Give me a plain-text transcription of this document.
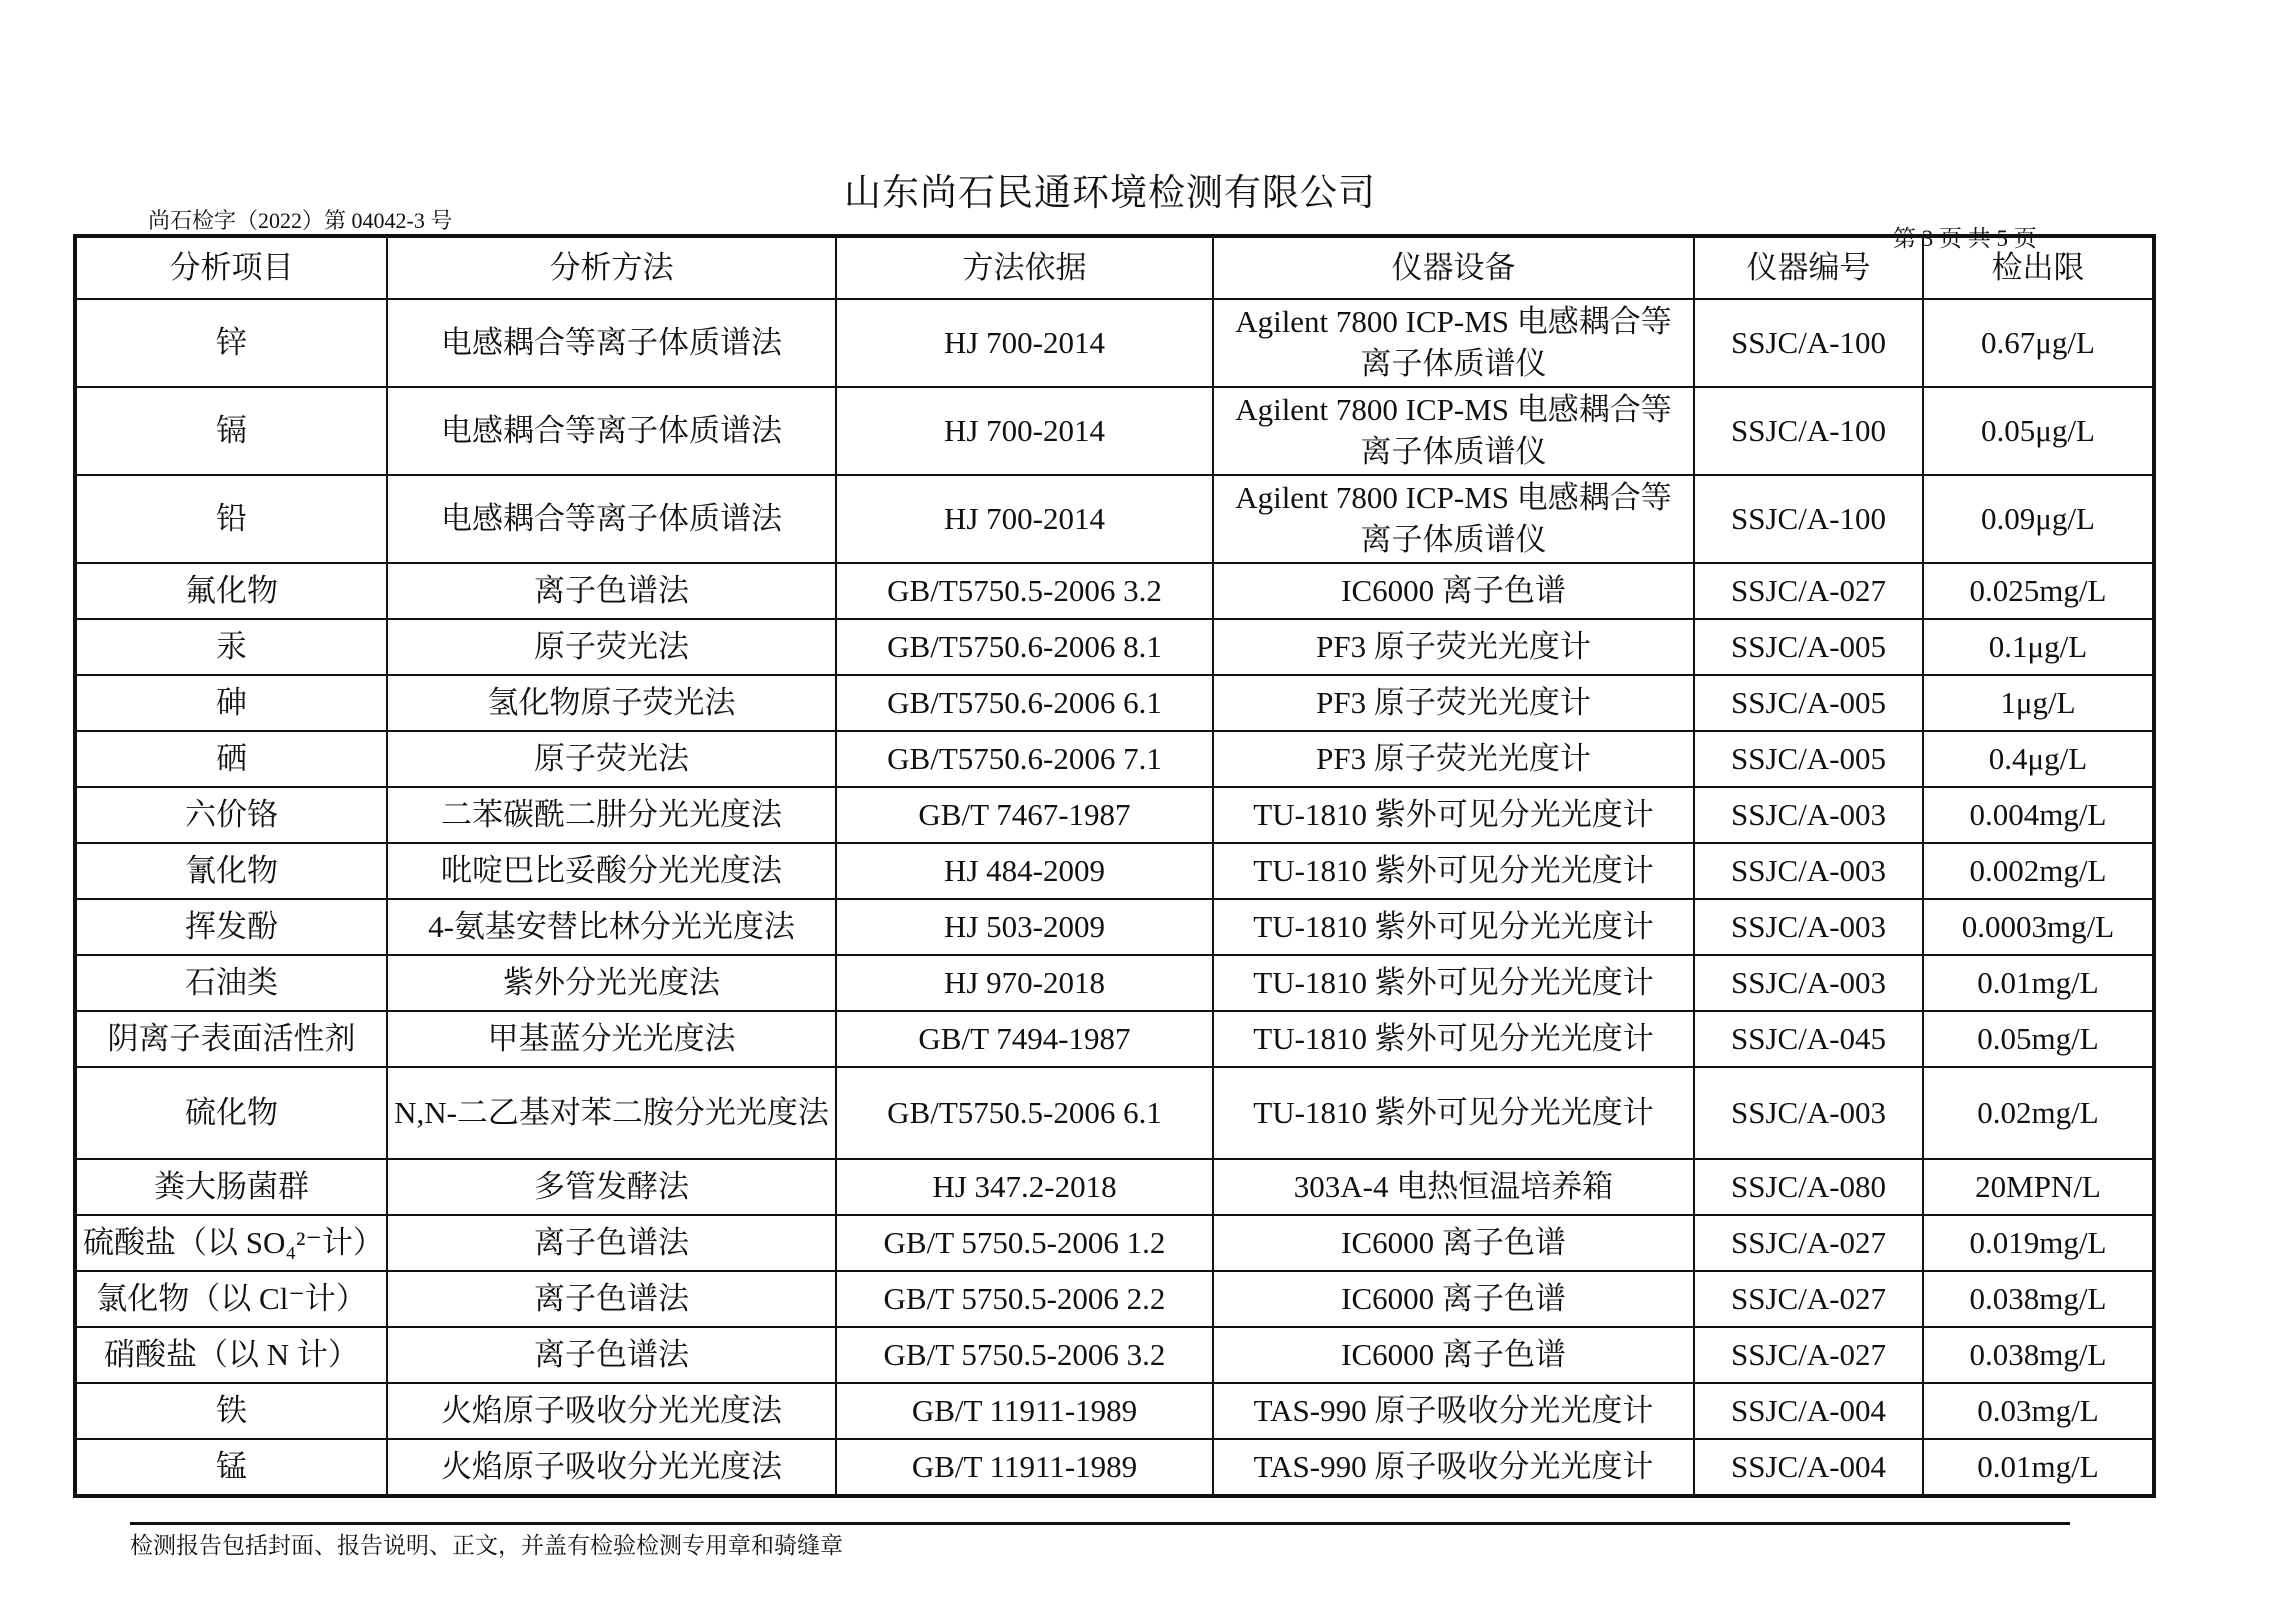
山东尚石民通环境检测有限公司
尚石检字（2022）第 04042-3 号
第 3 页 共 5 页
分析项目	分析方法	方法依据	仪器设备	仪器编号	检出限
锌	电感耦合等离子体质谱法	HJ 700-2014	Agilent 7800 ICP-MS 电感耦合等离子体质谱仪	SSJC/A-100	0.67μg/L
镉	电感耦合等离子体质谱法	HJ 700-2014	Agilent 7800 ICP-MS 电感耦合等离子体质谱仪	SSJC/A-100	0.05μg/L
铅	电感耦合等离子体质谱法	HJ 700-2014	Agilent 7800 ICP-MS 电感耦合等离子体质谱仪	SSJC/A-100	0.09μg/L
氟化物	离子色谱法	GB/T5750.5-2006 3.2	IC6000 离子色谱	SSJC/A-027	0.025mg/L
汞	原子荧光法	GB/T5750.6-2006 8.1	PF3 原子荧光光度计	SSJC/A-005	0.1μg/L
砷	氢化物原子荧光法	GB/T5750.6-2006 6.1	PF3 原子荧光光度计	SSJC/A-005	1μg/L
硒	原子荧光法	GB/T5750.6-2006 7.1	PF3 原子荧光光度计	SSJC/A-005	0.4μg/L
六价铬	二苯碳酰二肼分光光度法	GB/T 7467-1987	TU-1810 紫外可见分光光度计	SSJC/A-003	0.004mg/L
氰化物	吡啶巴比妥酸分光光度法	HJ 484-2009	TU-1810 紫外可见分光光度计	SSJC/A-003	0.002mg/L
挥发酚	4-氨基安替比林分光光度法	HJ 503-2009	TU-1810 紫外可见分光光度计	SSJC/A-003	0.0003mg/L
石油类	紫外分光光度法	HJ 970-2018	TU-1810 紫外可见分光光度计	SSJC/A-003	0.01mg/L
阴离子表面活性剂	甲基蓝分光光度法	GB/T 7494-1987	TU-1810 紫外可见分光光度计	SSJC/A-045	0.05mg/L
硫化物	N,N-二乙基对苯二胺分光光度法	GB/T5750.5-2006 6.1	TU-1810 紫外可见分光光度计	SSJC/A-003	0.02mg/L
粪大肠菌群	多管发酵法	HJ 347.2-2018	303A-4 电热恒温培养箱	SSJC/A-080	20MPN/L
硫酸盐（以 SO₄²⁻计）	离子色谱法	GB/T 5750.5-2006 1.2	IC6000 离子色谱	SSJC/A-027	0.019mg/L
氯化物（以 Cl⁻计）	离子色谱法	GB/T 5750.5-2006 2.2	IC6000 离子色谱	SSJC/A-027	0.038mg/L
硝酸盐（以 N 计）	离子色谱法	GB/T 5750.5-2006 3.2	IC6000 离子色谱	SSJC/A-027	0.038mg/L
铁	火焰原子吸收分光光度法	GB/T 11911-1989	TAS-990 原子吸收分光光度计	SSJC/A-004	0.03mg/L
锰	火焰原子吸收分光光度法	GB/T 11911-1989	TAS-990 原子吸收分光光度计	SSJC/A-004	0.01mg/L
检测报告包括封面、报告说明、正文，并盖有检验检测专用章和骑缝章
